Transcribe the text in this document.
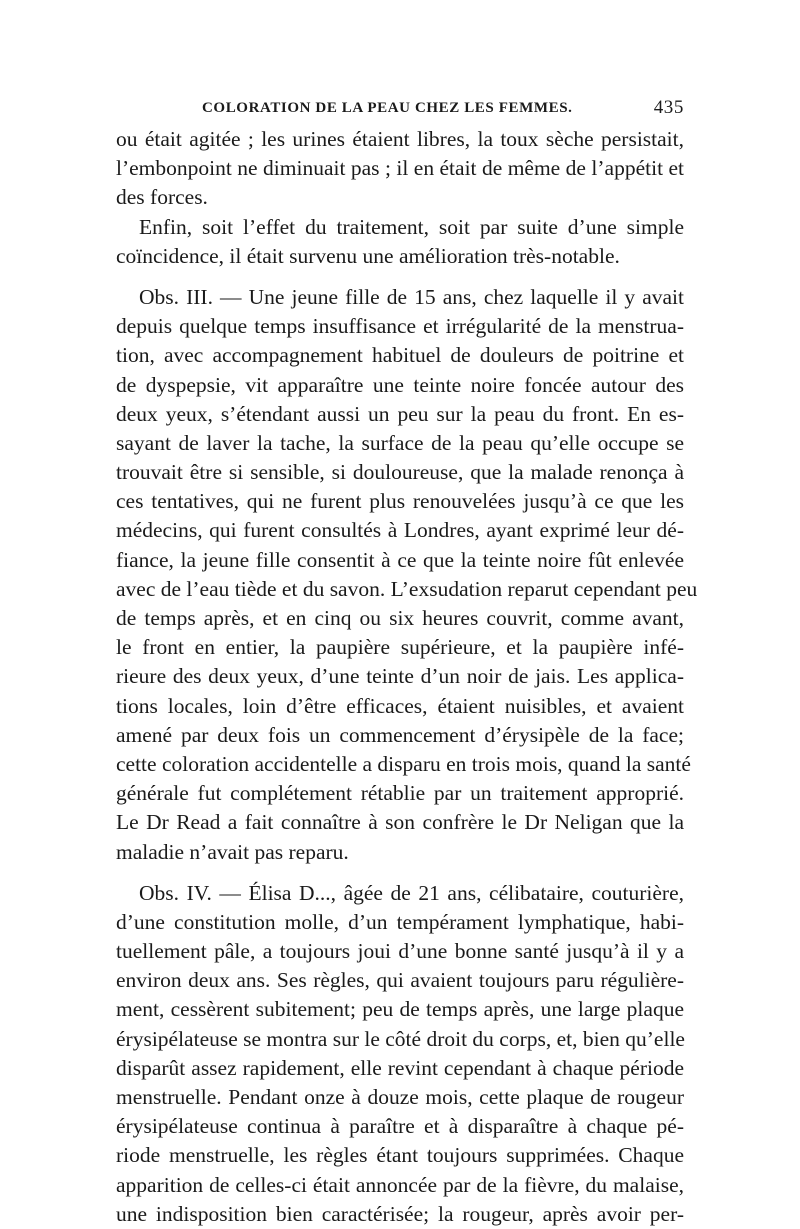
COLORATION DE LA PEAU CHEZ LES FEMMES.	435
ou était agitée ; les urines étaient libres, la toux sèche persistait,
l’embonpoint ne diminuait pas ; il en était de même de l’appétit et
des forces.
Enfin, soit l’effet du traitement, soit par suite d’une simple
coïncidence, il était survenu une amélioration très-notable.
Obs. III. — Une jeune fille de 15 ans, chez laquelle il y avait
depuis quelque temps insuffisance et irrégularité de la menstrua-
tion, avec accompagnement habituel de douleurs de poitrine et
de dyspepsie, vit apparaître une teinte noire foncée autour des
deux yeux, s’étendant aussi un peu sur la peau du front. En es-
sayant de laver la tache, la surface de la peau qu’elle occupe se
trouvait être si sensible, si douloureuse, que la malade renonça à
ces tentatives, qui ne furent plus renouvelées jusqu’à ce que les
médecins, qui furent consultés à Londres, ayant exprimé leur dé-
fiance, la jeune fille consentit à ce que la teinte noire fût enlevée
avec de l’eau tiède et du savon. L’exsudation reparut cependant peu
de temps après, et en cinq ou six heures couvrit, comme avant,
le front en entier, la paupière supérieure, et la paupière infé-
rieure des deux yeux, d’une teinte d’un noir de jais. Les applica-
tions locales, loin d’être efficaces, étaient nuisibles, et avaient
amené par deux fois un commencement d’érysipèle de la face;
cette coloration accidentelle a disparu en trois mois, quand la santé
générale fut complétement rétablie par un traitement approprié.
Le Dr Read a fait connaître à son confrère le Dr Neligan que la
maladie n’avait pas reparu.
Obs. IV. — Élisa D..., âgée de 21 ans, célibataire, couturière,
d’une constitution molle, d’un tempérament lymphatique, habi-
tuellement pâle, a toujours joui d’une bonne santé jusqu’à il y a
environ deux ans. Ses règles, qui avaient toujours paru régulière-
ment, cessèrent subitement; peu de temps après, une large plaque
érysipélateuse se montra sur le côté droit du corps, et, bien qu’elle
disparût assez rapidement, elle revint cependant à chaque période
menstruelle. Pendant onze à douze mois, cette plaque de rougeur
érysipélateuse continua à paraître et à disparaître à chaque pé-
riode menstruelle, les règles étant toujours supprimées. Chaque
apparition de celles-ci était annoncée par de la fièvre, du malaise,
une indisposition bien caractérisée; la rougeur, après avoir per-
